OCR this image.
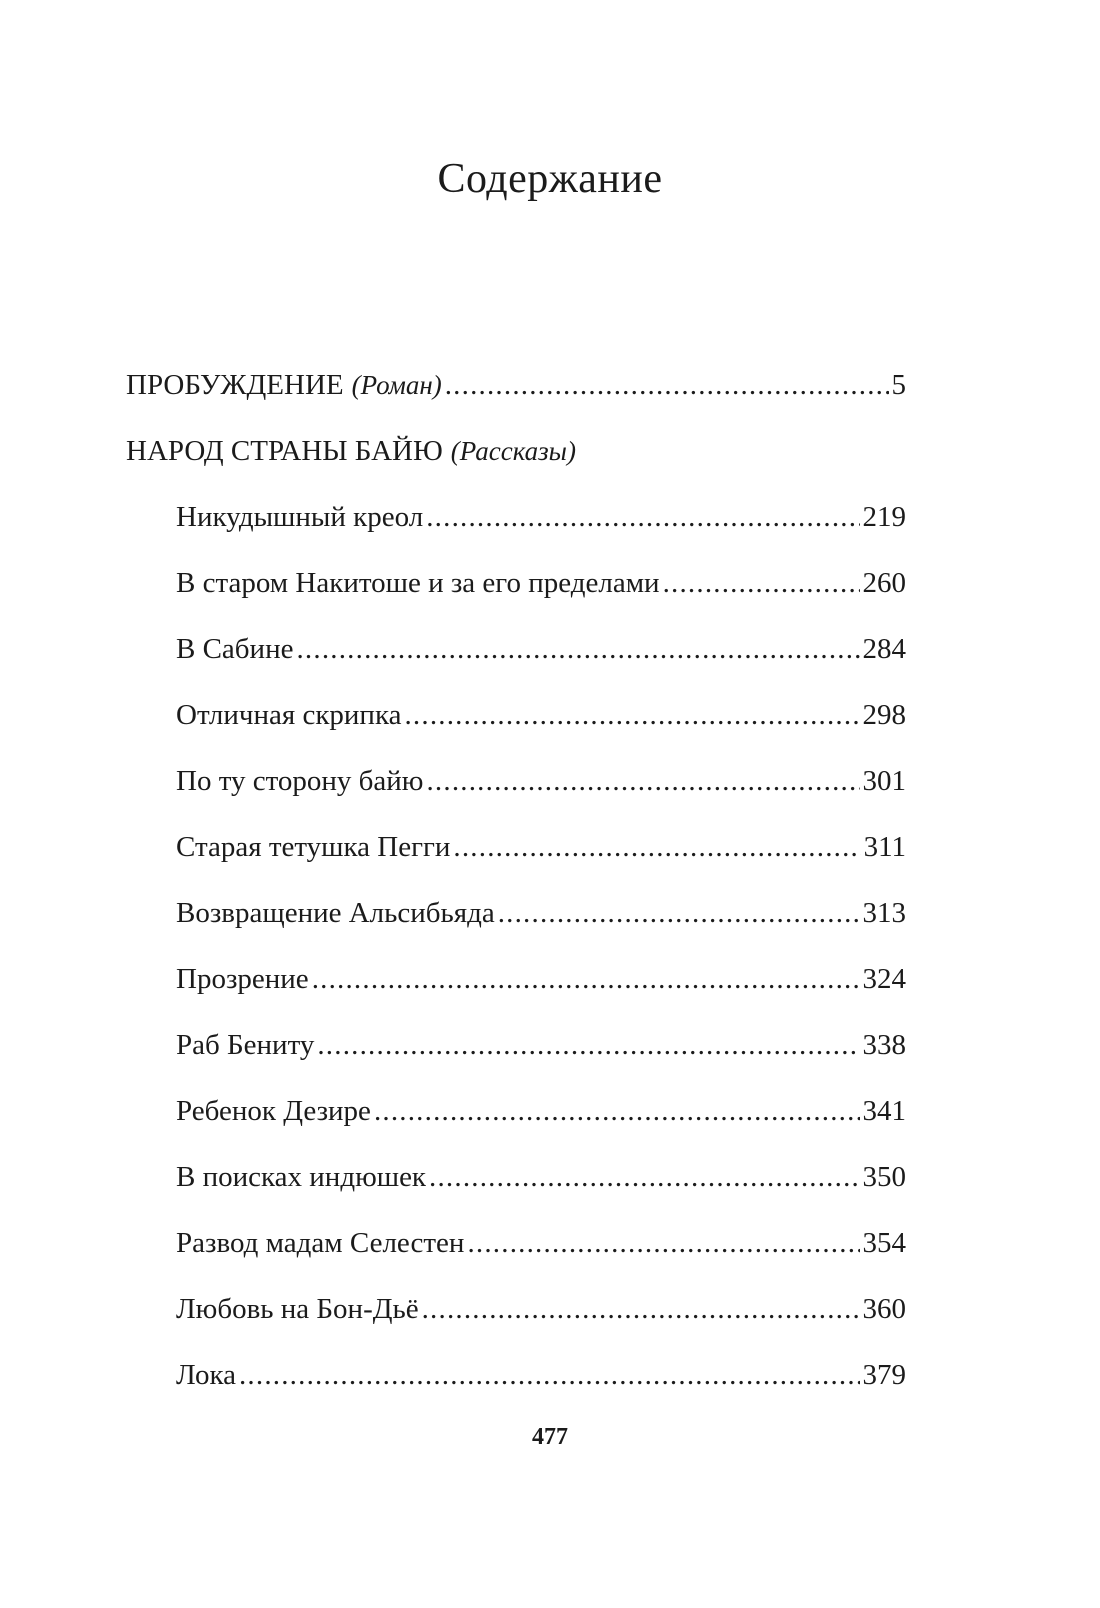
Содержание
ПРОБУЖДЕНИЕ (Роман) .....	5
НАРОД СТРАНЫ БАЙЮ (Рассказы)
Никудышный креол .....	219
В старом Накитоше и за его пределами .....	260
В Сабине .....	284
Отличная скрипка .....	298
По ту сторону байю .....	301
Старая тетушка Пегги .....	311
Возвращение Альсибьяда .....	313
Прозрение .....	324
Раб Бениту .....	338
Ребенок Дезире .....	341
В поисках индюшек .....	350
Развод мадам Селестен .....	354
Любовь на Бон-Дьё .....	360
Лока .....	379

477
